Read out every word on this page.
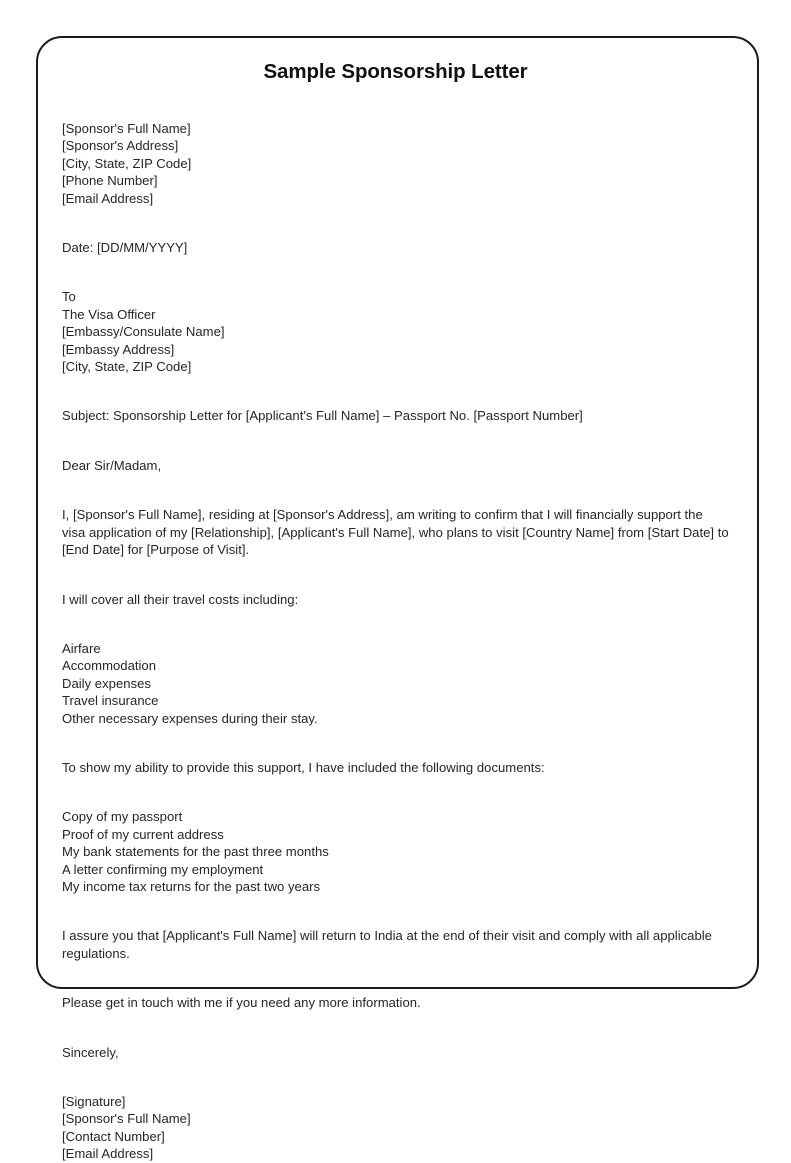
Sample Sponsorship Letter

[Sponsor's Full Name]

[Sponsor's Address]

[City, State, ZIP Code]

[Phone Number]

[Email Address]

Date: [DD/MM/YYYY]

To

The Visa Officer

[Embassy/Consulate Name]

[Embassy Address]

[City, State, ZIP Code]

Subject: Sponsorship Letter for [Applicant's Full Name] – Passport No. [Passport Number]

Dear Sir/Madam,

I, [Sponsor's Full Name], residing at [Sponsor's Address], am writing to confirm that I will financially support the visa application of my [Relationship], [Applicant's Full Name], who plans to visit [Country Name] from [Start Date] to [End Date] for [Purpose of Visit].

I will cover all their travel costs including:

Airfare

Accommodation

Daily expenses

Travel insurance

Other necessary expenses during their stay.

To show my ability to provide this support, I have included the following documents:

Copy of my passport

Proof of my current address

My bank statements for the past three months

A letter confirming my employment

My income tax returns for the past two years

I assure you that [Applicant's Full Name] will return to India at the end of their visit and comply with all applicable regulations.

Please get in touch with me if you need any more information.

Sincerely,

[Signature]

[Sponsor's Full Name]

[Contact Number]

[Email Address]
